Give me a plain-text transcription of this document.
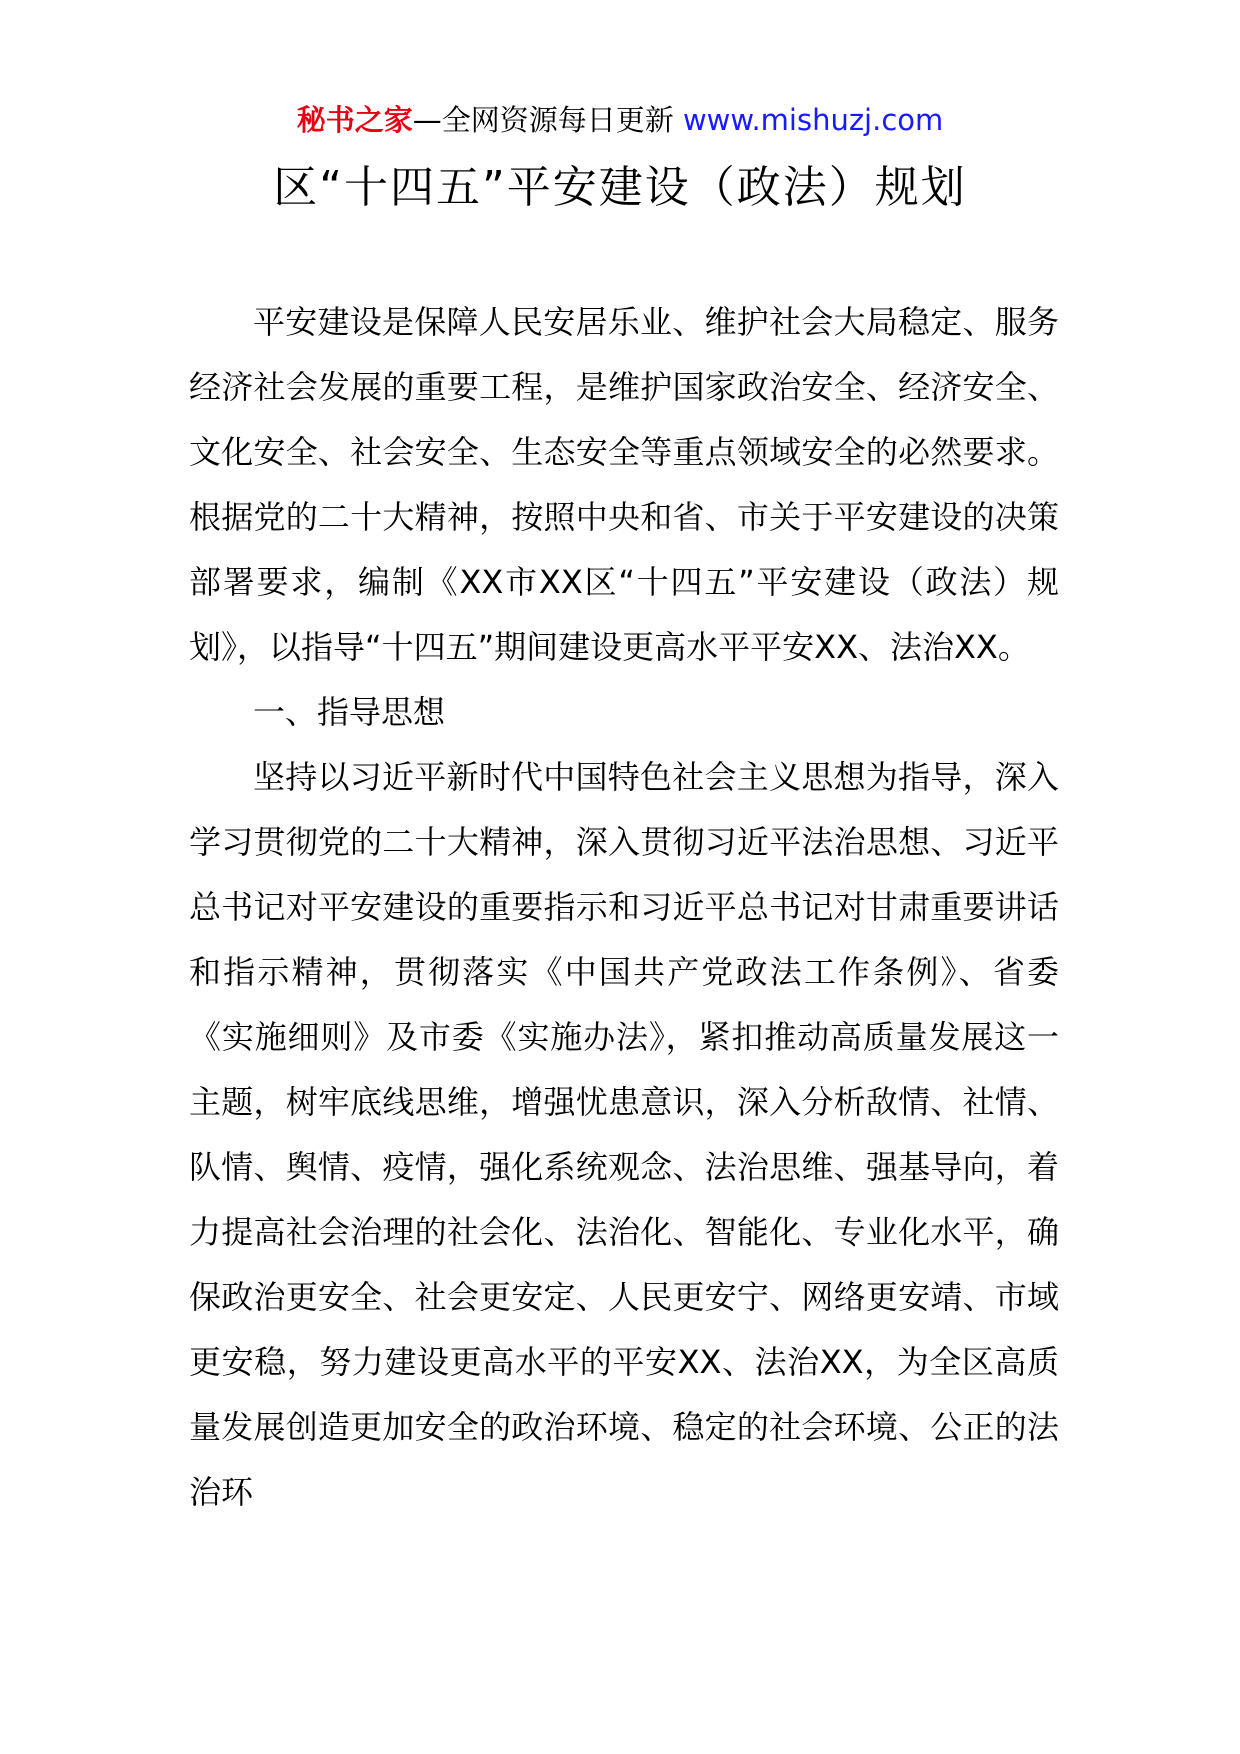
秘书之家—全网资源每日更新 www.mishuzj.com
区“十四五”平安建设（政法）规划

平安建设是保障人民安居乐业、维护社会大局稳定、服务经济社会发展的重要工程，是维护国家政治安全、经济安全、文化安全、社会安全、生态安全等重点领域安全的必然要求。根据党的二十大精神，按照中央和省、市关于平安建设的决策部署要求，编制《XX市XX区“十四五”平安建设（政法）规划》，以指导“十四五”期间建设更高水平平安XX、法治XX。

一、指导思想

坚持以习近平新时代中国特色社会主义思想为指导，深入学习贯彻党的二十大精神，深入贯彻习近平法治思想、习近平总书记对平安建设的重要指示和习近平总书记对甘肃重要讲话和指示精神，贯彻落实《中国共产党政法工作条例》、省委《实施细则》及市委《实施办法》，紧扣推动高质量发展这一主题，树牢底线思维，增强忧患意识，深入分析敌情、社情、队情、舆情、疫情，强化系统观念、法治思维、强基导向，着力提高社会治理的社会化、法治化、智能化、专业化水平，确保政治更安全、社会更安定、人民更安宁、网络更安靖、市域更安稳，努力建设更高水平的平安XX、法治XX，为全区高质量发展创造更加安全的政治环境、稳定的社会环境、公正的法治环
